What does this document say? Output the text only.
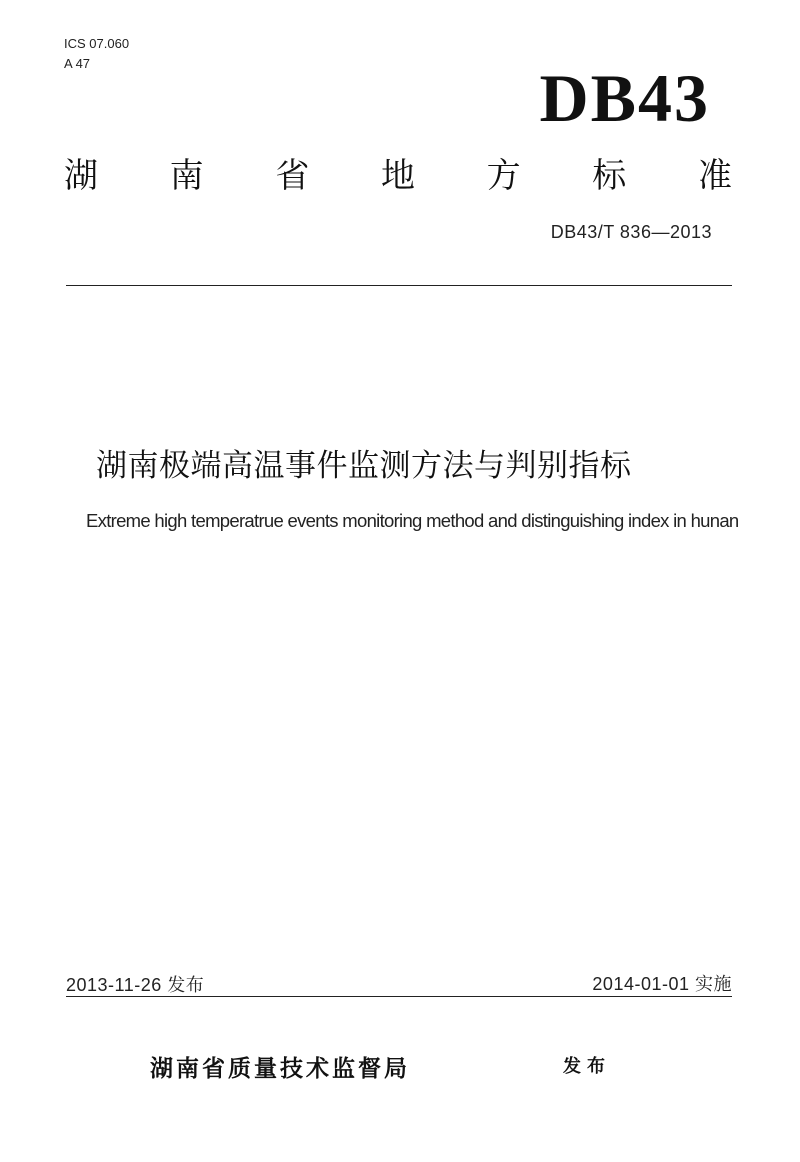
ICS 07.060
A 47	DB43
湖 南 省 地 方 标 准
DB43/T 836—2013
湖南极端高温事件监测方法与判别指标
Extreme high temperatrue events monitoring method and distinguishing index in hunan
2013-11-26 发布	2014-01-01 实施
湖南省质量技术监督局	发布
